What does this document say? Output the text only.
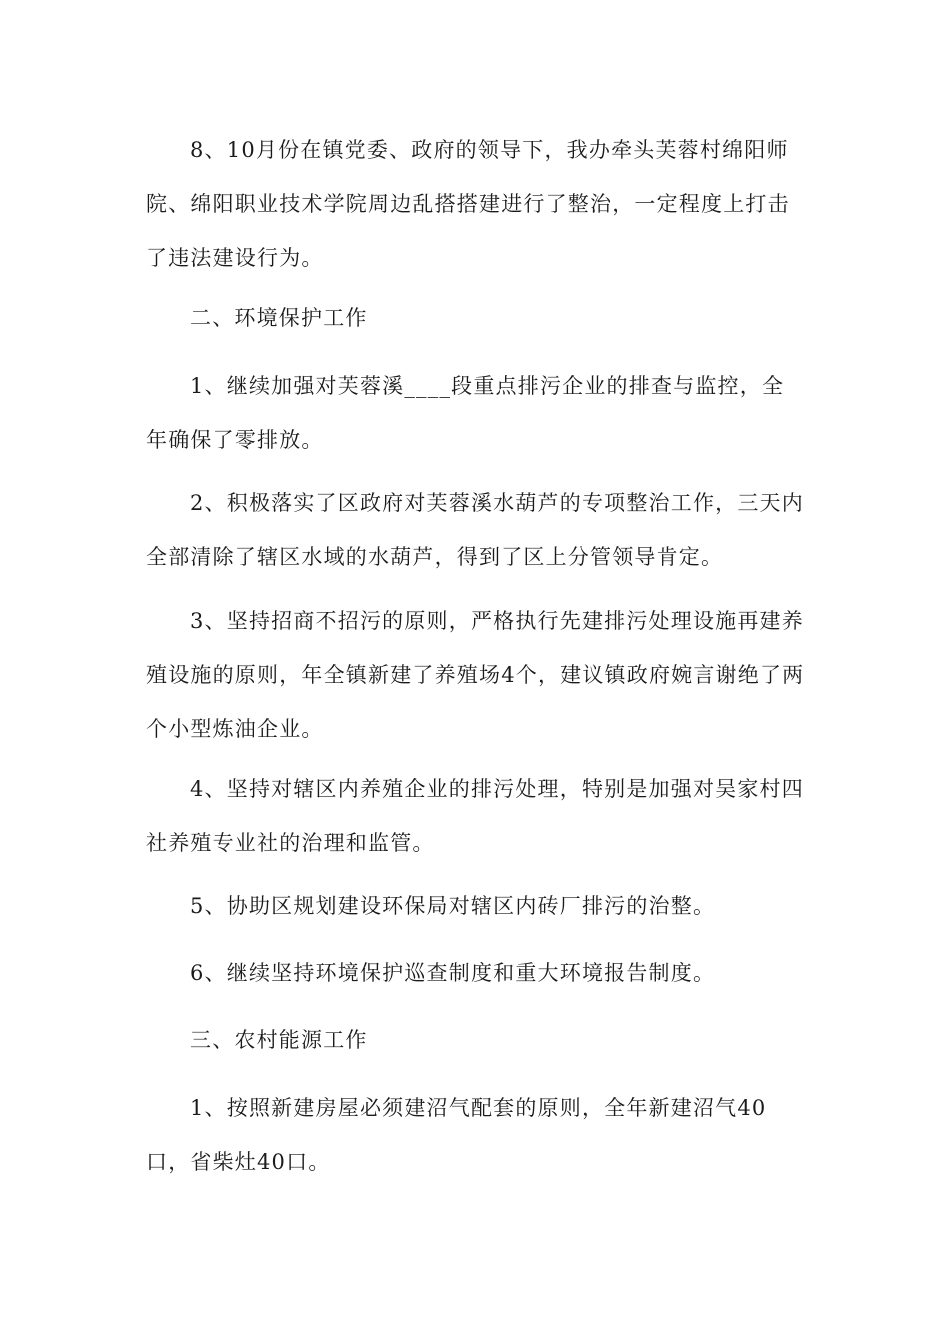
8、10月份在镇党委、政府的领导下，我办牵头芙蓉村绵阳师院、绵阳职业技术学院周边乱搭搭建进行了整治，一定程度上打击了违法建设行为。

二、环境保护工作

1、继续加强对芙蓉溪____段重点排污企业的排查与监控，全年确保了零排放。

2、积极落实了区政府对芙蓉溪水葫芦的专项整治工作，三天内全部清除了辖区水域的水葫芦，得到了区上分管领导肯定。

3、坚持招商不招污的原则，严格执行先建排污处理设施再建养殖设施的原则，年全镇新建了养殖场4个，建议镇政府婉言谢绝了两个小型炼油企业。

4、坚持对辖区内养殖企业的排污处理，特别是加强对吴家村四社养殖专业社的治理和监管。

5、协助区规划建设环保局对辖区内砖厂排污的治整。

6、继续坚持环境保护巡查制度和重大环境报告制度。

三、农村能源工作

1、按照新建房屋必须建沼气配套的原则，全年新建沼气40口，省柴灶40口。
